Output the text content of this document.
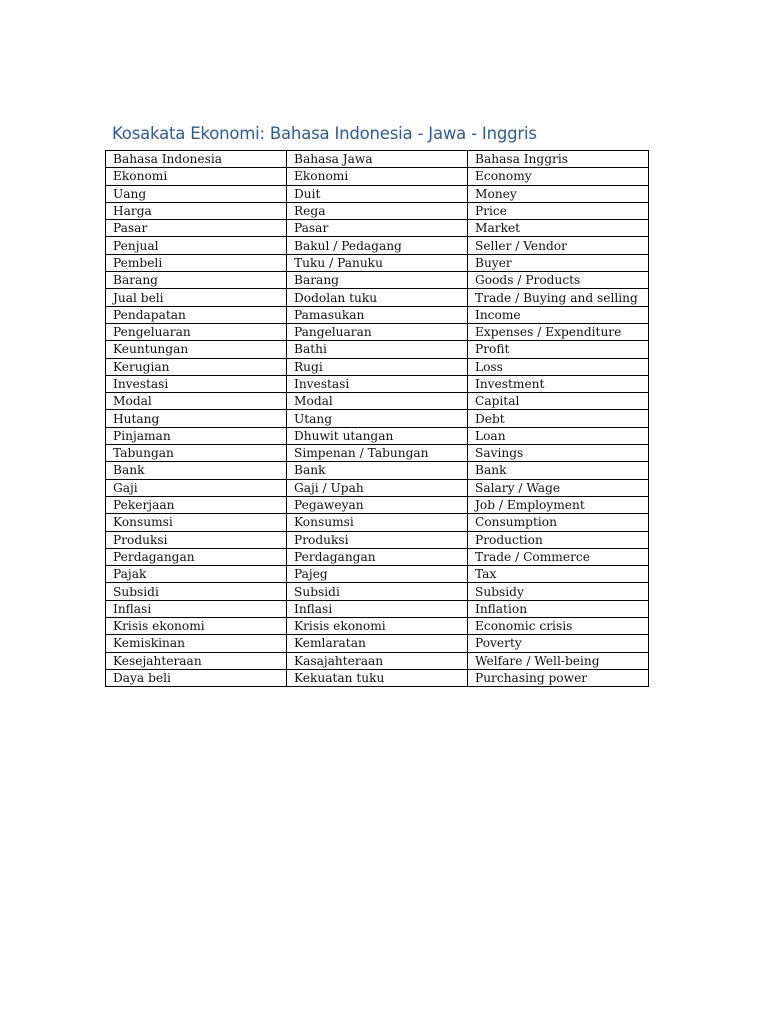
Kosakata Ekonomi: Bahasa Indonesia - Jawa - Inggris
Bahasa Indonesia	Bahasa Jawa	Bahasa Inggris
Ekonomi	Ekonomi	Economy
Uang	Duit	Money
Harga	Rega	Price
Pasar	Pasar	Market
Penjual	Bakul / Pedagang	Seller / Vendor
Pembeli	Tuku / Panuku	Buyer
Barang	Barang	Goods / Products
Jual beli	Dodolan tuku	Trade / Buying and selling
Pendapatan	Pamasukan	Income
Pengeluaran	Pangeluaran	Expenses / Expenditure
Keuntungan	Bathi	Profit
Kerugian	Rugi	Loss
Investasi	Investasi	Investment
Modal	Modal	Capital
Hutang	Utang	Debt
Pinjaman	Dhuwit utangan	Loan
Tabungan	Simpenan / Tabungan	Savings
Bank	Bank	Bank
Gaji	Gaji / Upah	Salary / Wage
Pekerjaan	Pegaweyan	Job / Employment
Konsumsi	Konsumsi	Consumption
Produksi	Produksi	Production
Perdagangan	Perdagangan	Trade / Commerce
Pajak	Pajeg	Tax
Subsidi	Subsidi	Subsidy
Inflasi	Inflasi	Inflation
Krisis ekonomi	Krisis ekonomi	Economic crisis
Kemiskinan	Kemlaratan	Poverty
Kesejahteraan	Kasajahteraan	Welfare / Well-being
Daya beli	Kekuatan tuku	Purchasing power
